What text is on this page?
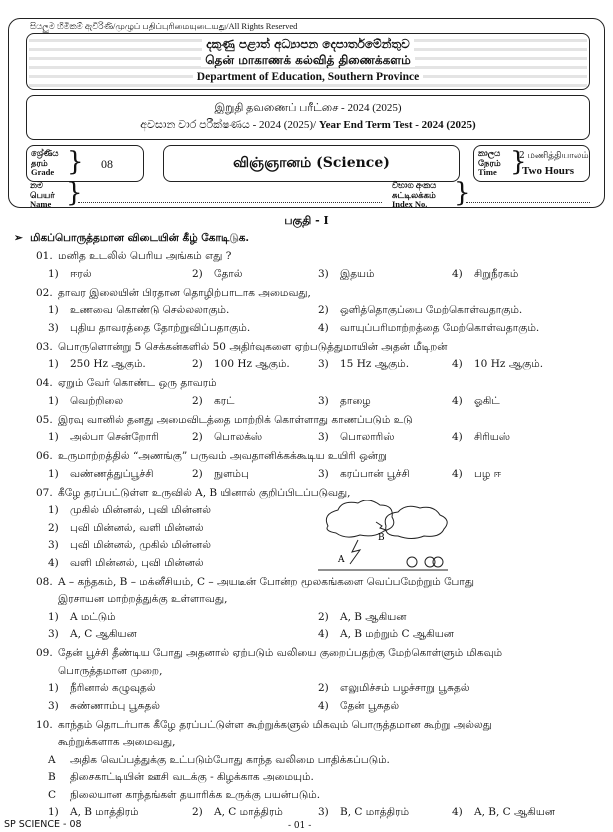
සියලුම හිමිකම් ඇවිරිණි/முழுப் பதிப்புரிமையுடையது/All Rights Reserved
දකුණු පළාත් අධ්‍යාපන දෙපාර්තමේන්තුව
தென் மாகாணக் கல்வித் திணைக்களம்
Department of Education, Southern Province
இறுதி தவணைப் பரீட்சை - 2024 (2025)
අවසාන වාර පරීක්ෂණය - 2024 (2025)/ Year End Term Test - 2024 (2025)
ශ්‍රේණිය
தரம்
Grade } 08	விஞ்ஞானம் (Science)
කාලය
நேரம்
Time }
2 மணித்தியாலம்
Two Hours
නම
பெயர்
Name }	විභාග අංකය
சுட்டிலக்கம்
Index No.	}
பகுதி - I
➢  மிகப்பொருத்தமான விடையின் கீழ் கோடிடுக.
01. மனித உடலில் பெரிய அங்கம் எது ?
1) ஈரல்	2) தோல்	3) இதயம்	4) சிறுநீரகம்
02. தாவர இலையின் பிரதான தொழிற்பாடாக அமைவது,
1) உணவை கொண்டு செல்லலாகும்.	2) ஒளித்தொகுப்பை மேற்கொள்வதாகும்.
3) புதிய தாவரத்தை தோற்றுவிப்பதாகும்.	4) வாயுப்பரிமாற்றத்தை மேற்கொள்வதாகும்.
03. பொருளொன்று 5 செக்கன்களில் 50 அதிர்வுகளை ஏற்படுத்துமாயின் அதன் மீடிறன்
1) 250 Hz ஆகும்.	2) 100 Hz ஆகும்.	3) 15 Hz ஆகும்.	4) 10 Hz ஆகும்.
04. ஏறும் வேர் கொண்ட ஒரு தாவரம்
1) வெற்றிலை	2) கரட்	3) தாழை	4) ஓகிட்
05. இரவு வானில் தனது அமைவிடத்தை மாற்றிக் கொள்ளாது காணப்படும் உடு
1) அல்பா சென்றோரி	2) பொலக்ஸ்	3) பொலாரிஸ்	4) சிரியஸ்
06. உருமாற்றத்தில் “அணங்கு” பருவம் அவதானிக்கக்கூடிய உயிரி ஒன்று
1) வண்ணத்துப்பூச்சி	2) நுளம்பு	3) கரப்பான் பூச்சி	4) பழ ஈ
07. கீழே தரப்பட்டுள்ள உருவில் A, B யினால் குறிப்பிடப்படுவது,
1) முகில் மின்னல், புவி மின்னல்
2) புவி மின்னல், வளி மின்னல்
3) புவி மின்னல், முகில் மின்னல்
4) வளி மின்னல், புவி மின்னல்
08. A – கந்தகம், B – மக்னீசியம், C – அயடீன் போன்ற மூலகங்களை வெப்பமேற்றும் போது
இரசாயன மாற்றத்துக்கு உள்ளாவது,
1) A மட்டும்	2) A, B ஆகியன
3) A, C ஆகியன	4) A, B மற்றும் C ஆகியன
09. தேன் பூச்சி தீண்டிய போது அதனால் ஏற்படும் வலியை குறைப்பதற்கு மேற்கொள்ளும் மிகவும்
பொருத்தமான முறை,
1) நீரினால் கழுவுதல்	2) எலுமிச்சம் பழச்சாறு பூசுதல்
3) சுண்ணாம்பு பூசுதல்	4) தேன் பூசுதல்
10. காந்தம் தொடர்பாக கீழே தரப்பட்டுள்ள கூற்றுக்களுல் மிகவும் பொருத்தமான கூற்று அல்லது
கூற்றுக்களாக அமைவது,
A	அதிக வெப்பத்துக்கு உட்படும்போது காந்த வலிமை பாதிக்கப்படும்.
B	திசைகாட்டியின் ஊசி வடக்கு - கிழக்காக அமையும்.
C	நிலையான காந்தங்கள் தயாரிக்க உருக்கு பயன்படும்.
1) A, B மாத்திரம்	2) A, C மாத்திரம்	3) B, C மாத்திரம்	4) A, B, C ஆகியன
A
B
SP SCIENCE - 08	- 01 -
